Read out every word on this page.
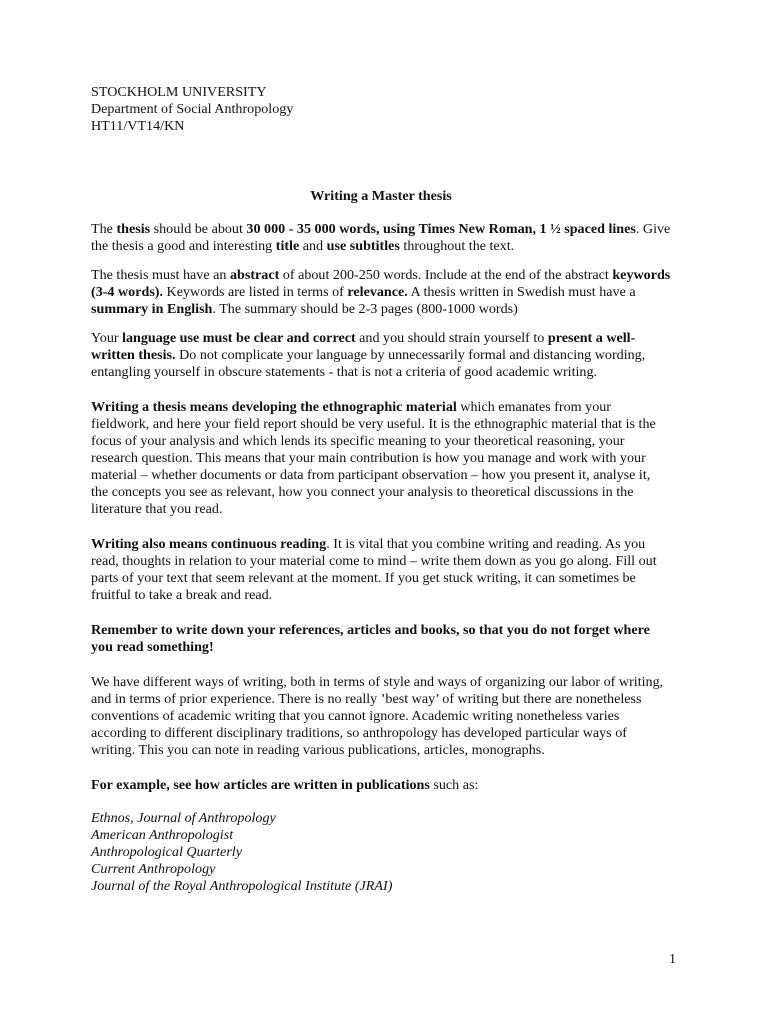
STOCKHOLM UNIVERSITY
Department of Social Anthropology
HT11/VT14/KN
Writing a Master thesis

The thesis should be about 30 000 - 35 000 words, using Times New Roman, 1 ½ spaced lines. Give the thesis a good and interesting title and use subtitles throughout the text.

The thesis must have an abstract of about 200-250 words. Include at the end of the abstract keywords (3-4 words). Keywords are listed in terms of relevance. A thesis written in Swedish must have a summary in English. The summary should be 2-3 pages (800-1000 words)

Your language use must be clear and correct and you should strain yourself to present a well-written thesis. Do not complicate your language by unnecessarily formal and distancing wording, entangling yourself in obscure statements - that is not a criteria of good academic writing.

Writing a thesis means developing the ethnographic material which emanates from your fieldwork, and here your field report should be very useful. It is the ethnographic material that is the focus of your analysis and which lends its specific meaning to your theoretical reasoning, your research question. This means that your main contribution is how you manage and work with your material – whether documents or data from participant observation – how you present it, analyse it, the concepts you see as relevant, how you connect your analysis to theoretical discussions in the literature that you read.

Writing also means continuous reading. It is vital that you combine writing and reading. As you read, thoughts in relation to your material come to mind – write them down as you go along. Fill out parts of your text that seem relevant at the moment. If you get stuck writing, it can sometimes be fruitful to take a break and read.

Remember to write down your references, articles and books, so that you do not forget where you read something!

We have different ways of writing, both in terms of style and ways of organizing our labor of writing, and in terms of prior experience. There is no really ’best way’ of writing but there are nonetheless conventions of academic writing that you cannot ignore. Academic writing nonetheless varies according to different disciplinary traditions, so anthropology has developed particular ways of writing. This you can note in reading various publications, articles, monographs.

For example, see how articles are written in publications such as:

Ethnos, Journal of Anthropology
American Anthropologist
Anthropological Quarterly
Current Anthropology
Journal of the Royal Anthropological Institute (JRAI)
1
